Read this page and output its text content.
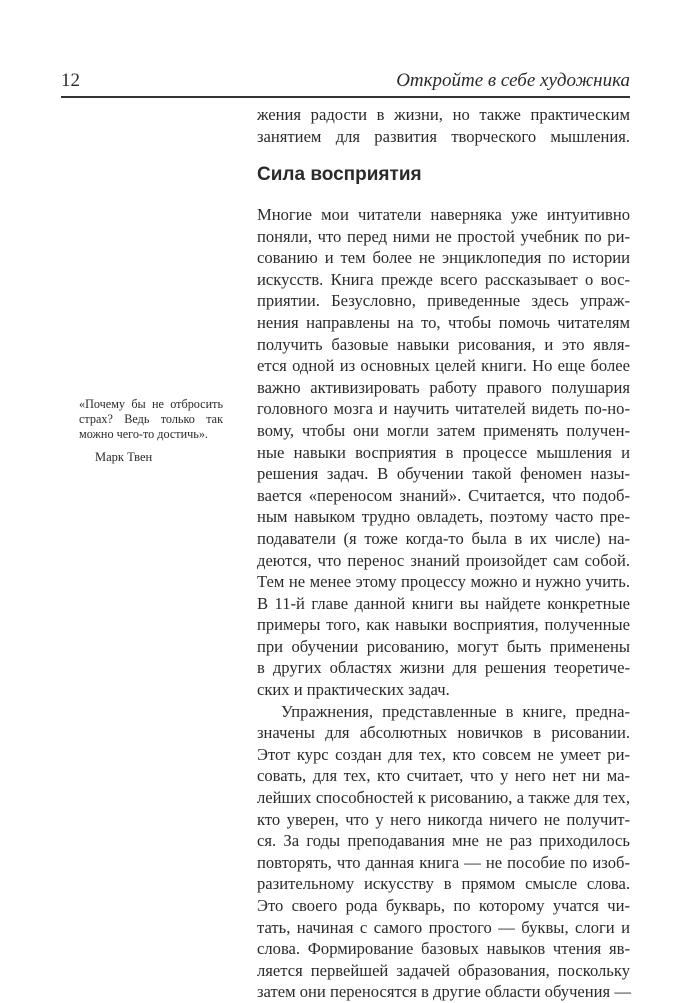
12	Откройте в себе художника
жения радости в жизни, но также практическим
занятием для развития творческого мышления.
Сила восприятия
Многие мои читатели наверняка уже интуитивно
поняли, что перед ними не простой учебник по ри-
сованию и тем более не энциклопедия по истории
искусств. Книга прежде всего рассказывает о вос-
приятии. Безусловно, приведенные здесь упраж-
нения направлены на то, чтобы помочь читателям
получить базовые навыки рисования, и это явля-
ется одной из основных целей книги. Но еще более
важно активизировать работу правого полушария
головного мозга и научить читателей видеть по-но-
вому, чтобы они могли затем применять получен-
ные навыки восприятия в процессе мышления и
решения задач. В обучении такой феномен назы-
вается «переносом знаний». Считается, что подоб-
ным навыком трудно овладеть, поэтому часто пре-
подаватели (я тоже когда-то была в их числе) на-
деются, что перенос знаний произойдет сам собой.
Тем не менее этому процессу можно и нужно учить.
В 11-й главе данной книги вы найдете конкретные
примеры того, как навыки восприятия, полученные
при обучении рисованию, могут быть применены
в других областях жизни для решения теоретиче-
ских и практических задач.
Упражнения, представленные в книге, предна-
значены для абсолютных новичков в рисовании.
Этот курс создан для тех, кто совсем не умеет ри-
совать, для тех, кто считает, что у него нет ни ма-
лейших способностей к рисованию, а также для тех,
кто уверен, что у него никогда ничего не получит-
ся. За годы преподавания мне не раз приходилось
повторять, что данная книга — не пособие по изоб-
разительному искусству в прямом смысле слова.
Это своего рода букварь, по которому учатся чи-
тать, начиная с самого простого — буквы, слоги и
слова. Формирование базовых навыков чтения яв-
ляется первейшей задачей образования, поскольку
затем они переносятся в другие области обучения —
«Почему бы не отбросить
страх? Ведь только так
можно чего-то достичь».
Марк Твен
